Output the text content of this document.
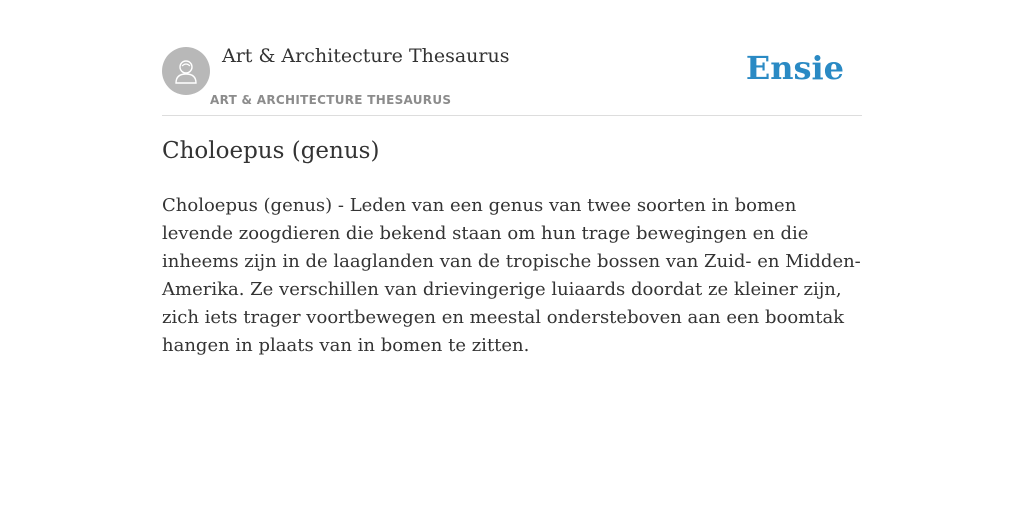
Art & Architecture Thesaurus
ART & ARCHITECTURE THESAURUS
Ensie
Choloepus (genus)

Choloepus (genus) - Leden van een genus van twee soorten in bomen levende zoogdieren die bekend staan om hun trage bewegingen en die inheems zijn in de laaglanden van de tropische bossen van Zuid- en Midden-Amerika. Ze verschillen van drievingerige luiaards doordat ze kleiner zijn, zich iets trager voortbewegen en meestal ondersteboven aan een boomtak hangen in plaats van in bomen te zitten.
